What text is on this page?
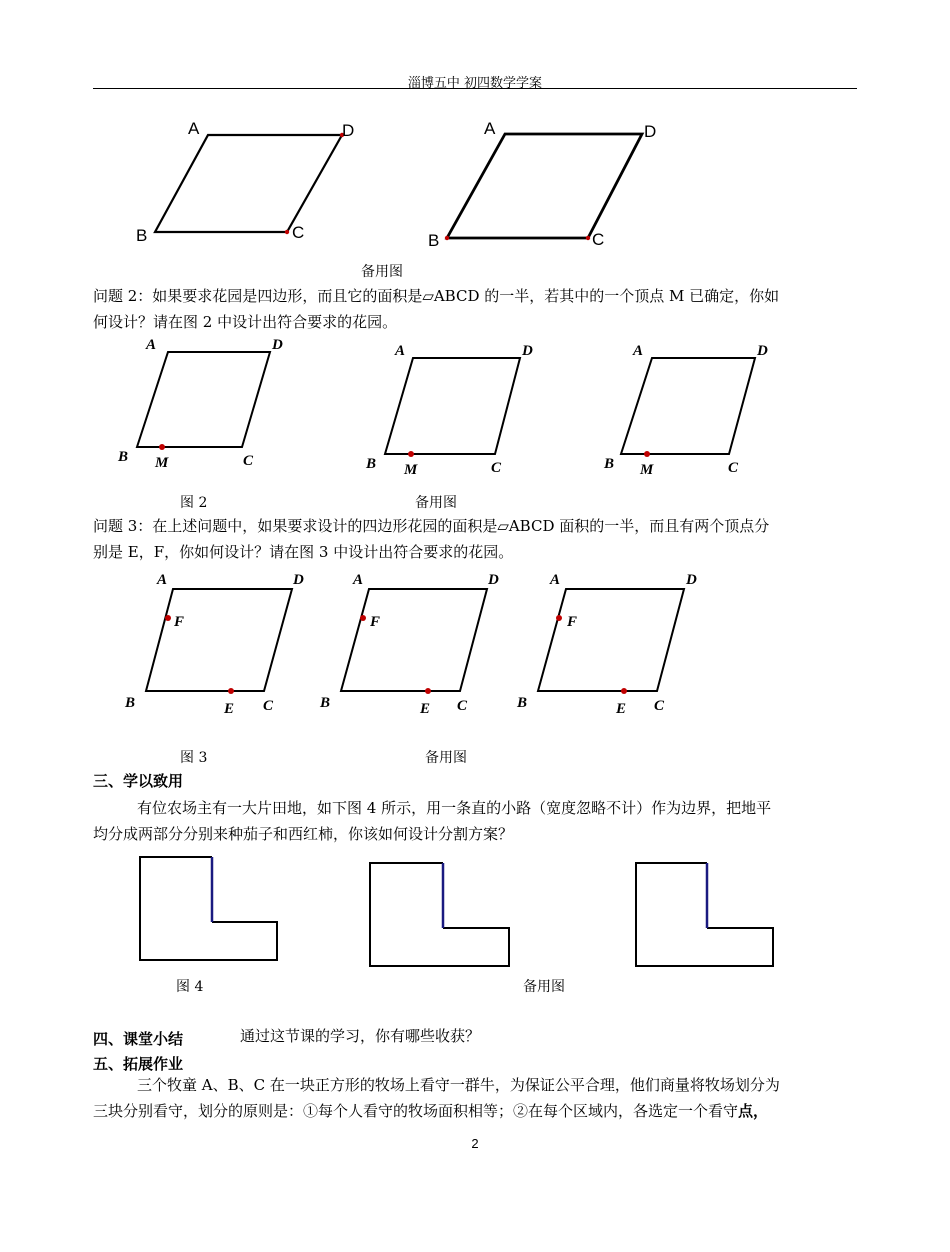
淄博五中 初四数学学案
A	D
B	C
A	D
B	C
备用图
问题 2：如果要求花园是四边形，而且它的面积是▱ABCD 的一半，若其中的一个顶点 M 已确定，你如
何设计？请在图 2 中设计出符合要求的花园。
A	D
B M	C
A	D
B M	C
A	D
B M	C
图 2	备用图
问题 3：在上述问题中，如果要求设计的四边形花园的面积是▱ABCD 面积的一半，而且有两个顶点分
别是 E，F，你如何设计？请在图 3 中设计出符合要求的花园。
A	D
F
B	E C
A	D
F
B	E C
A	D
F
B	E C
图 3	备用图
三、学以致用
有位农场主有一大片田地，如下图 4 所示，用一条直的小路（宽度忽略不计）作为边界，把地平
均分成两部分分别来种茄子和西红柿，你该如何设计分割方案？
图 4	备用图
四、课堂小结	通过这节课的学习，你有哪些收获？
五、拓展作业
三个牧童 A、B、C 在一块正方形的牧场上看守一群牛，为保证公平合理，他们商量将牧场划分为
三块分别看守，划分的原则是：①每个人看守的牧场面积相等；②在每个区域内，各选定一个看守点，
2
